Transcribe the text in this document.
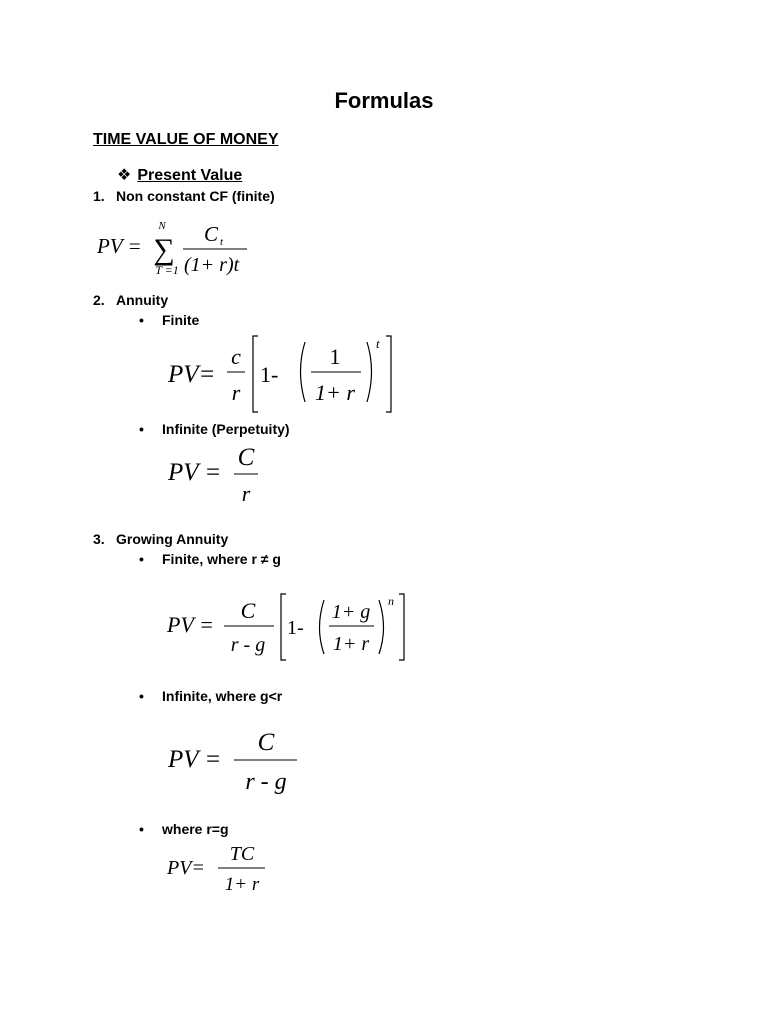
Formulas
TIME VALUE OF MONEY
❖ Present Value
1. Non constant CF (finite)
2. Annuity
3. Growing Annuity
• Finite
• Infinite (Perpetuity)
• Finite, where r ≠ g
• Infinite, where g<r
• where r=g
PV =
N
∑
T =1
C t
(1+ r)t
PV=
c
r
1-
1
1+ r
t
PV =
C
r
PV =
C
r - g
1-
1+ g
1+ r
n
PV =
C
r - g
PV=
TC
1+ r
